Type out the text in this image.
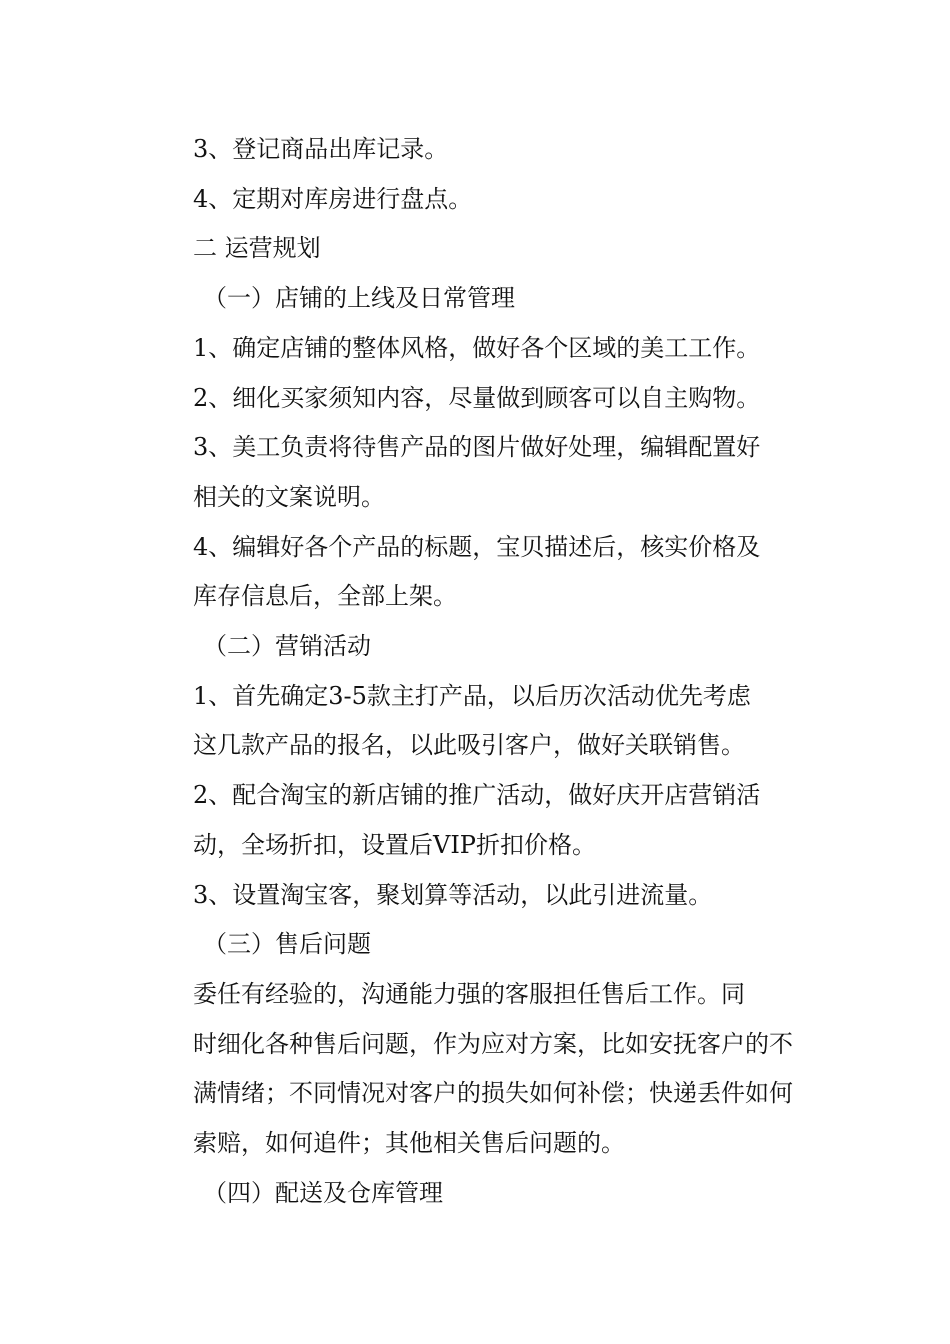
3、登记商品出库记录。

4、定期对库房进行盘点。

二 运营规划

（一）店铺的上线及日常管理

1、确定店铺的整体风格，做好各个区域的美工工作。

2、细化买家须知内容，尽量做到顾客可以自主购物。

3、美工负责将待售产品的图片做好处理，编辑配置好
相关的文案说明。

4、编辑好各个产品的标题，宝贝描述后，核实价格及
库存信息后，全部上架。

（二）营销活动

1、首先确定3-5款主打产品，以后历次活动优先考虑
这几款产品的报名，以此吸引客户，做好关联销售。

2、配合淘宝的新店铺的推广活动，做好庆开店营销活
动，全场折扣，设置后VIP折扣价格。

3、设置淘宝客，聚划算等活动，以此引进流量。

（三）售后问题

委任有经验的，沟通能力强的客服担任售后工作。同
时细化各种售后问题，作为应对方案，比如安抚客户的不
满情绪；不同情况对客户的损失如何补偿；快递丢件如何
索赔，如何追件；其他相关售后问题的。

（四）配送及仓库管理
